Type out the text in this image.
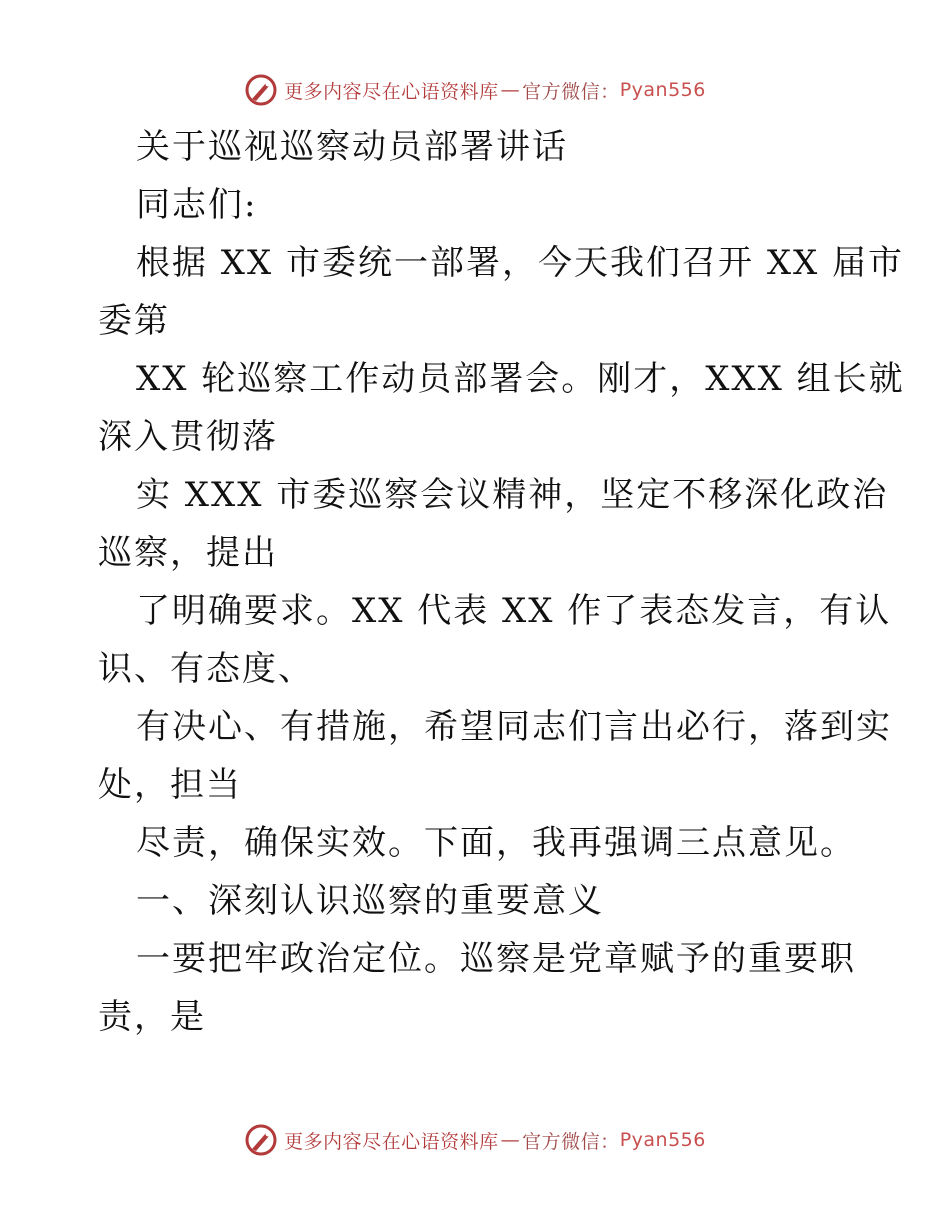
更多内容尽在心语资料库 — 官方微信： Pyan556
关于巡视巡察动员部署讲话
同志们:
根据 XX 市委统一部署，今天我们召开 XX 届市
委第
XX 轮巡察工作动员部署会。刚才，XXX 组长就
深入贯彻落
实 XXX 市委巡察会议精神，坚定不移深化政治
巡察，提出
了明确要求。XX 代表 XX 作了表态发言，有认
识、有态度、
有决心、有措施，希望同志们言出必行，落到实
处，担当
尽责，确保实效。下面，我再强调三点意见。
一、深刻认识巡察的重要意义
一要把牢政治定位。巡察是党章赋予的重要职
责，是
更多内容尽在心语资料库 — 官方微信： Pyan556
